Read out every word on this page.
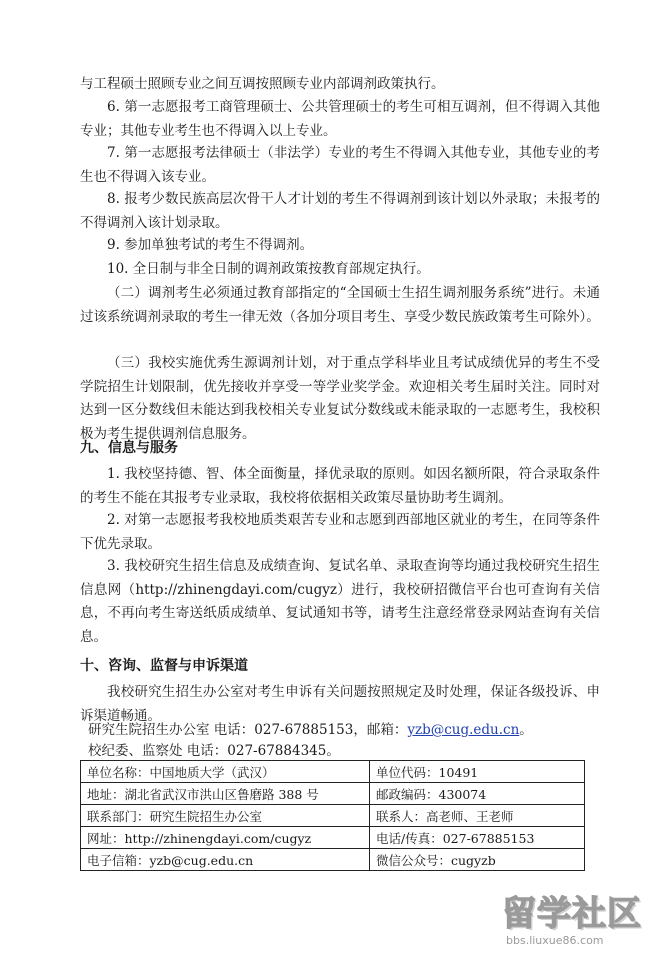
与工程硕士照顾专业之间互调按照顾专业内部调剂政策执行。

6. 第一志愿报考工商管理硕士、公共管理硕士的考生可相互调剂，但不得调入其他专业；其他专业考生也不得调入以上专业。

7. 第一志愿报考法律硕士（非法学）专业的考生不得调入其他专业，其他专业的考生也不得调入该专业。

8. 报考少数民族高层次骨干人才计划的考生不得调剂到该计划以外录取；未报考的不得调剂入该计划录取。

9. 参加单独考试的考生不得调剂。

10. 全日制与非全日制的调剂政策按教育部规定执行。

（二）调剂考生必须通过教育部指定的“全国硕士生招生调剂服务系统”进行。未通过该系统调剂录取的考生一律无效（各加分项目考生、享受少数民族政策考生可除外）。

（三）我校实施优秀生源调剂计划，对于重点学科毕业且考试成绩优异的考生不受学院招生计划限制，优先接收并享受一等学业奖学金。欢迎相关考生届时关注。同时对达到一区分数线但未能达到我校相关专业复试分数线或未能录取的一志愿考生，我校积极为考生提供调剂信息服务。

九、信息与服务

1. 我校坚持德、智、体全面衡量，择优录取的原则。如因名额所限，符合录取条件的考生不能在其报考专业录取，我校将依据相关政策尽量协助考生调剂。

2. 对第一志愿报考我校地质类艰苦专业和志愿到西部地区就业的考生，在同等条件下优先录取。

3. 我校研究生招生信息及成绩查询、复试名单、录取查询等均通过我校研究生招生信息网（http://zhinengdayi.com/cugyz）进行，我校研招微信平台也可查询有关信息，不再向考生寄送纸质成绩单、复试通知书等，请考生注意经常登录网站查询有关信息。

十、咨询、监督与申诉渠道

我校研究生招生办公室对考生申诉有关问题按照规定及时处理，保证各级投诉、申诉渠道畅通。

研究生院招生办公室 电话：027-67885153，邮箱：yzb@cug.edu.cn。

校纪委、监察处 电话：027-67884345。

单位名称：中国地质大学（武汉）	单位代码：10491
地址：湖北省武汉市洪山区鲁磨路 388 号	邮政编码：430074
联系部门：研究生院招生办公室	联系人：高老师、王老师
网址：http://zhinengdayi.com/cugyz	电话/传真：027-67885153
电子信箱：yzb@cug.edu.cn	微信公众号：cugyzb
留学社区
bbs.liuxue86.com
